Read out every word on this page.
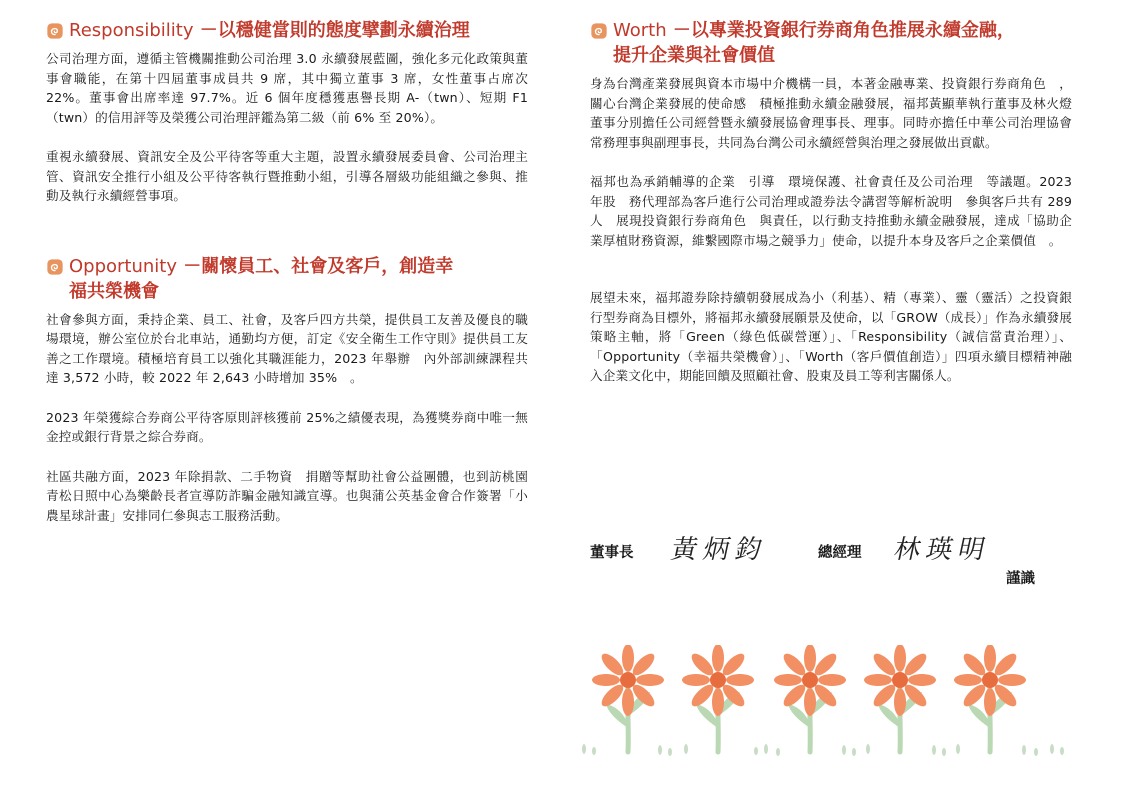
Responsibility －以穩健當則的態度擘劃永續治理

公司治理方面，遵循主管機關推動公司治理 3.0 永續發展藍圖，強化多元化政策與董事會職能，在第十四屆董事成員共 9 席，其中獨立董事 3 席，女性董事占席次 22%。董事會出席率達 97.7%。近 6 個年度穩獲惠譽長期 A-（twn）、短期 F1（twn）的信用評等及榮獲公司治理評鑑為第二級（前 6% 至 20%）。

重視永續發展、資訊安全及公平待客等重大主題，設置永續發展委員會、公司治理主管、資訊安全推行小組及公平待客執行暨推動小組，引導各層級功能組織之參與、推動及執行永續經營事項。

Opportunity －關懷員工、社會及客戶，創造幸
福共榮機會

社會參與方面，秉持企業、員工、社會，及客戶四方共榮，提供員工友善及優良的職場環境，辦公室位於台北車站，通勤均方便，訂定《安全衛生工作守則》提供員工友善之工作環境。積極培育員工以強化其職涯能力，2023 年舉辦　內外部訓練課程共達 3,572 小時，較 2022 年 2,643 小時增加 35%　。

2023 年榮獲綜合券商公平待客原則評核獲前 25%之績優表現，為獲獎券商中唯一無金控或銀行背景之綜合券商。

社區共融方面，2023 年除捐款、二手物資　捐贈等幫助社會公益團體，也到訪桃園青松日照中心為樂齡長者宣導防詐騙金融知識宣導。也與蒲公英基金會合作簽署「小農星球計畫」安排同仁參與志工服務活動。

Worth －以專業投資銀行券商角色推展永續金融，
提升企業與社會價值

身為台灣產業發展與資本市場中介機構一員，本著金融專業、投資銀行券商角色　，關心台灣企業發展的使命感　積極推動永續金融發展，福邦黃顯華執行董事及林火燈董事分別擔任公司經營暨永續發展協會理事長、理事。同時亦擔任中華公司治理協會常務理事與副理事長，共同為台灣公司永續經營與治理之發展做出貢獻。

福邦也為承銷輔導的企業　引導　環境保護、社會責任及公司治理　等議題。2023 年股　務代理部為客戶進行公司治理或證券法令講習等解析說明　參與客戶共有 289 人　展現投資銀行券商角色　與責任，以行動支持推動永續金融發展，達成「協助企業厚植財務資源，維繫國際市場之競爭力」使命，以提升本身及客戶之企業價值　。

展望未來，福邦證券除持續朝發展成為小（利基）、精（專業）、靈（靈活）之投資銀行型券商為目標外，將福邦永續發展願景及使命，以「GROW（成長）」作為永續發展策略主軸，將「Green（綠色低碳營運）」、「Responsibility（誠信當責治理）」、「Opportunity（幸福共榮機會）」、「Worth（客戶價值創造）」四項永續目標精神融入企業文化中，期能回饋及照顧社會、股東及員工等利害關係人。

董事長 黃炳鈞	總經理 林瑛明
謹識
